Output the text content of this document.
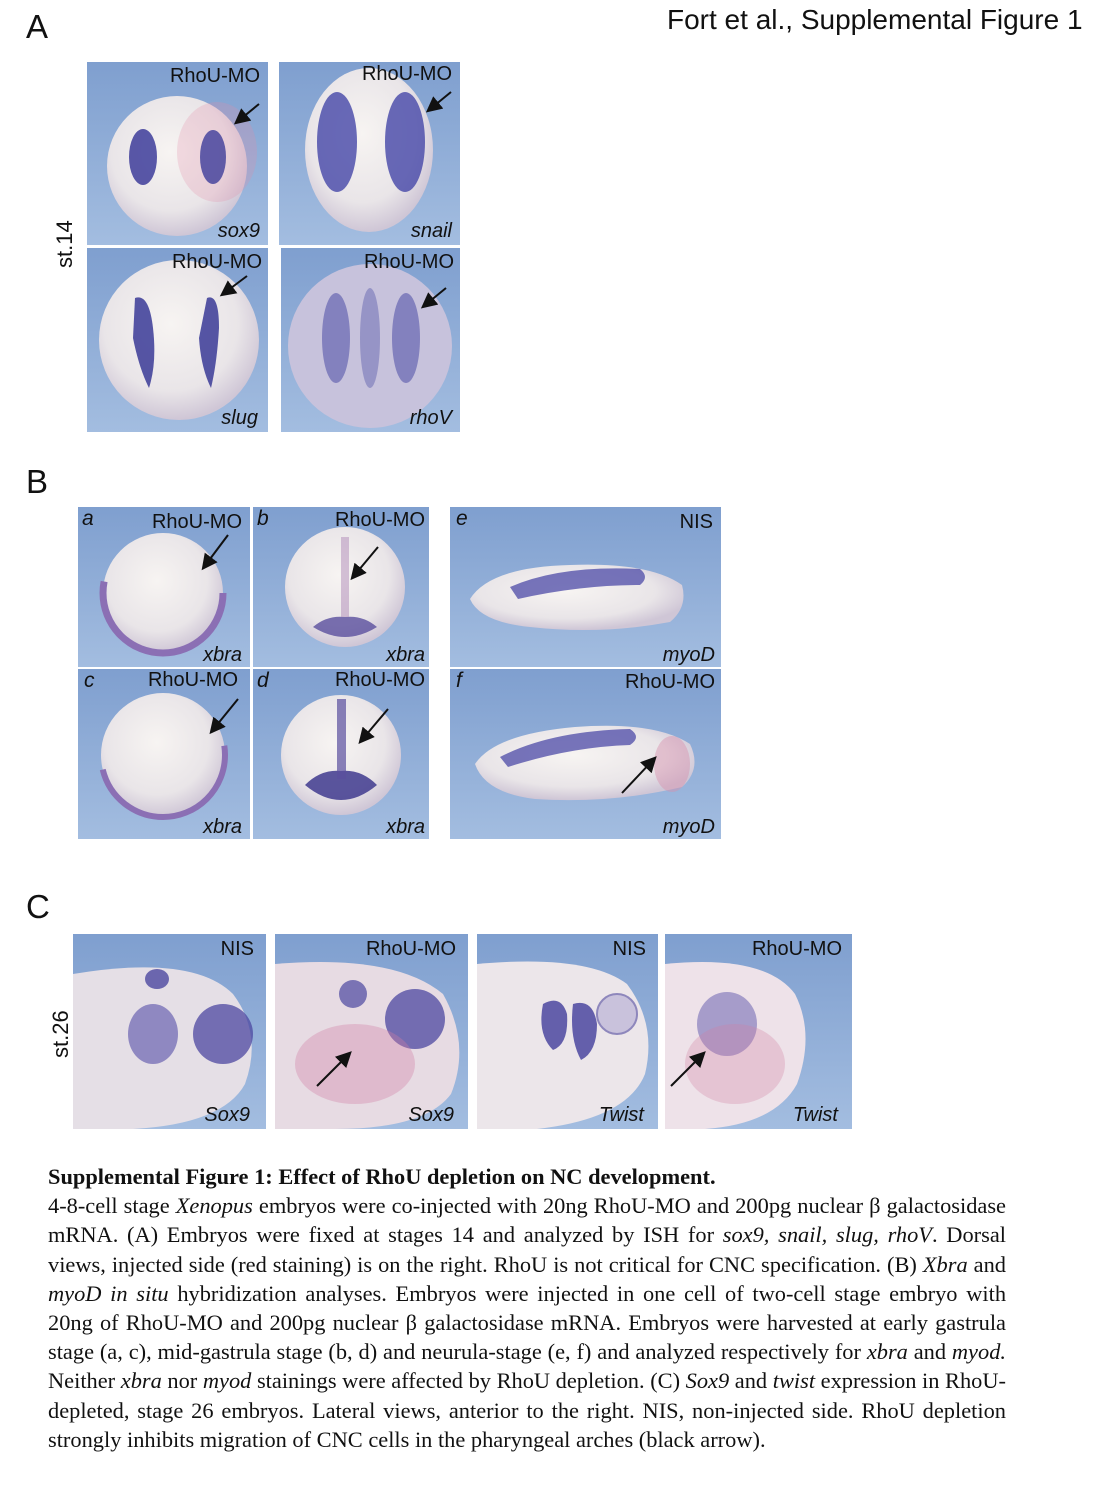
A	Fort et al., Supplemental Figure 1
st.14
RhoU-MO
sox9
RhoU-MO
snail
RhoU-MO
slug
RhoU-MO
rhoV
B
a	RhoU-MO
xbra
b	RhoU-MO
xbra
e	NIS
myoD
c	RhoU-MO
xbra
d	RhoU-MO
xbra
f	RhoU-MO
myoD
C
st.26
NIS
Sox9
RhoU-MO
Sox9
NIS
Twist
RhoU-MO
Twist
Supplemental Figure 1: Effect of RhoU depletion on NC development.
4-8-cell stage Xenopus embryos were co-injected with 20ng RhoU-MO and 200pg nuclear β galactosidase mRNA. (A) Embryos were fixed at stages 14 and analyzed by ISH for sox9, snail, slug, rhoV. Dorsal views, injected side (red staining) is on the right. RhoU is not critical for CNC specification. (B) Xbra and myoD in situ hybridization analyses. Embryos were injected in one cell of two-cell stage embryo with 20ng of RhoU-MO and 200pg nuclear β galactosidase mRNA. Embryos were harvested at early gastrula stage (a, c), mid-gastrula stage (b, d) and neurula-stage (e, f) and analyzed respectively for xbra and myod. Neither xbra nor myod stainings were affected by RhoU depletion. (C) Sox9 and twist expression in RhoU-depleted, stage 26 embryos. Lateral views, anterior to the right. NIS, non-injected side. RhoU depletion strongly inhibits migration of CNC cells in the pharyngeal arches (black arrow).
